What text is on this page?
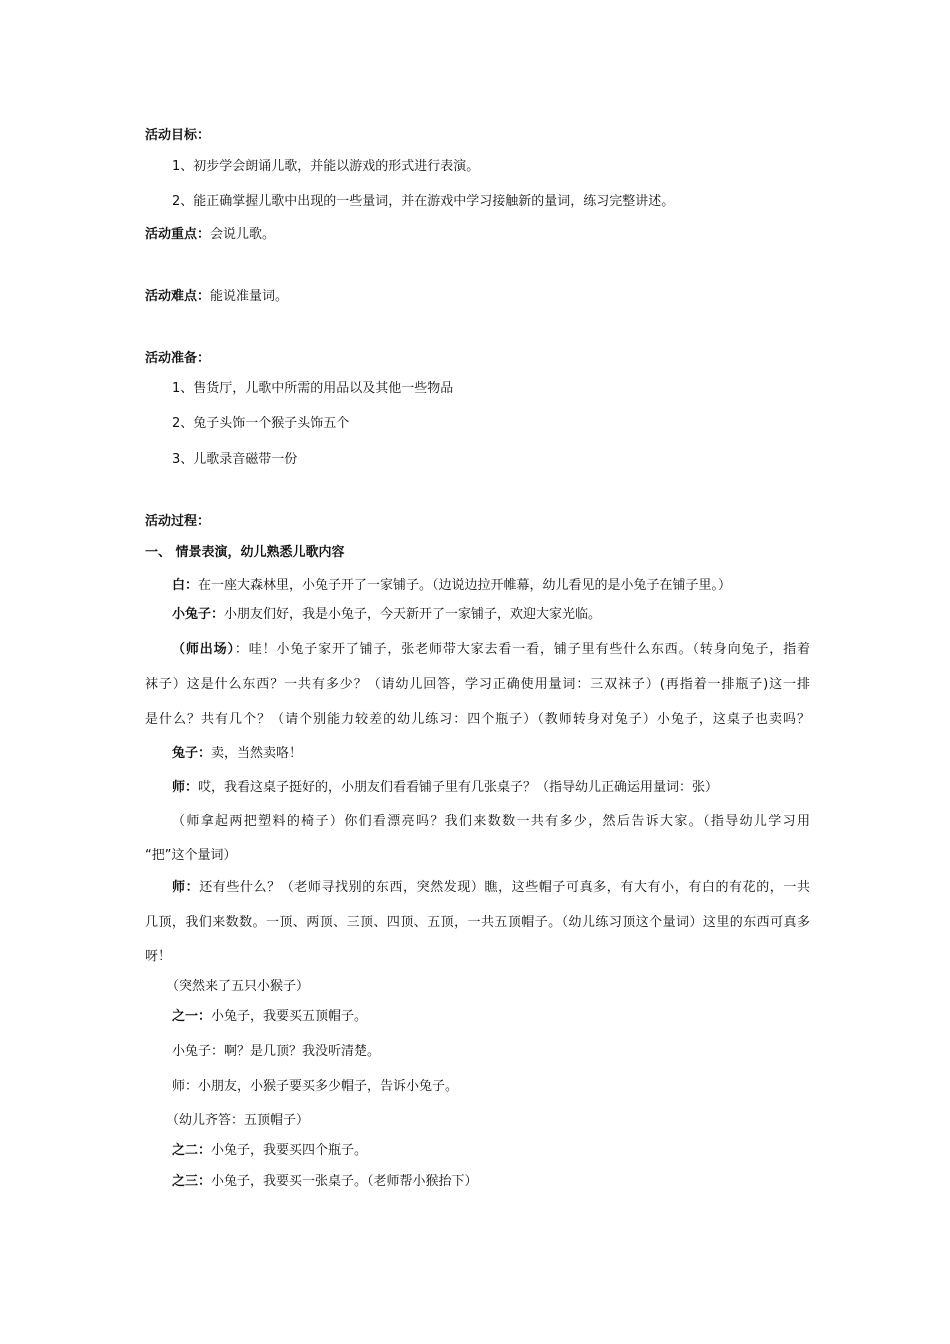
活动目标：
1、初步学会朗诵儿歌，并能以游戏的形式进行表演。
2、能正确掌握儿歌中出现的一些量词，并在游戏中学习接触新的量词，练习完整讲述。
活动重点：会说儿歌。
活动难点：能说准量词。
活动准备：
1、售货厅，儿歌中所需的用品以及其他一些物品
2、兔子头饰一个猴子头饰五个
3、儿歌录音磁带一份
活动过程：
一、 情景表演，幼儿熟悉儿歌内容
白：在一座大森林里，小兔子开了一家铺子。（边说边拉开帷幕，幼儿看见的是小兔子在铺子里。）
小兔子：小朋友们好，我是小兔子，今天新开了一家铺子，欢迎大家光临。
（师出场）：哇！小兔子家开了铺子，张老师带大家去看一看，铺子里有些什么东西。（转身向兔子，指着
袜子）这是什么东西？一共有多少？（请幼儿回答，学习正确使用量词：三双袜子）(再指着一排瓶子)这一排
是什么？共有几个？（请个别能力较差的幼儿练习：四个瓶子）（教师转身对兔子）小兔子，这桌子也卖吗？
兔子：卖，当然卖咯！
师：哎，我看这桌子挺好的，小朋友们看看铺子里有几张桌子？（指导幼儿正确运用量词：张）
（师拿起两把塑料的椅子）你们看漂亮吗？我们来数数一共有多少，然后告诉大家。（指导幼儿学习用
“把”这个量词）
师：还有些什么？（老师寻找别的东西，突然发现）瞧，这些帽子可真多，有大有小，有白的有花的，一共
几顶，我们来数数。一顶、两顶、三顶、四顶、五顶，一共五顶帽子。（幼儿练习顶这个量词）这里的东西可真多
呀！
（突然来了五只小猴子）
之一：小兔子，我要买五顶帽子。
小兔子：啊？是几顶？我没听清楚。
师：小朋友，小猴子要买多少帽子，告诉小兔子。
（幼儿齐答：五顶帽子）
之二：小兔子，我要买四个瓶子。
之三：小兔子，我要买一张桌子。（老师帮小猴抬下）
